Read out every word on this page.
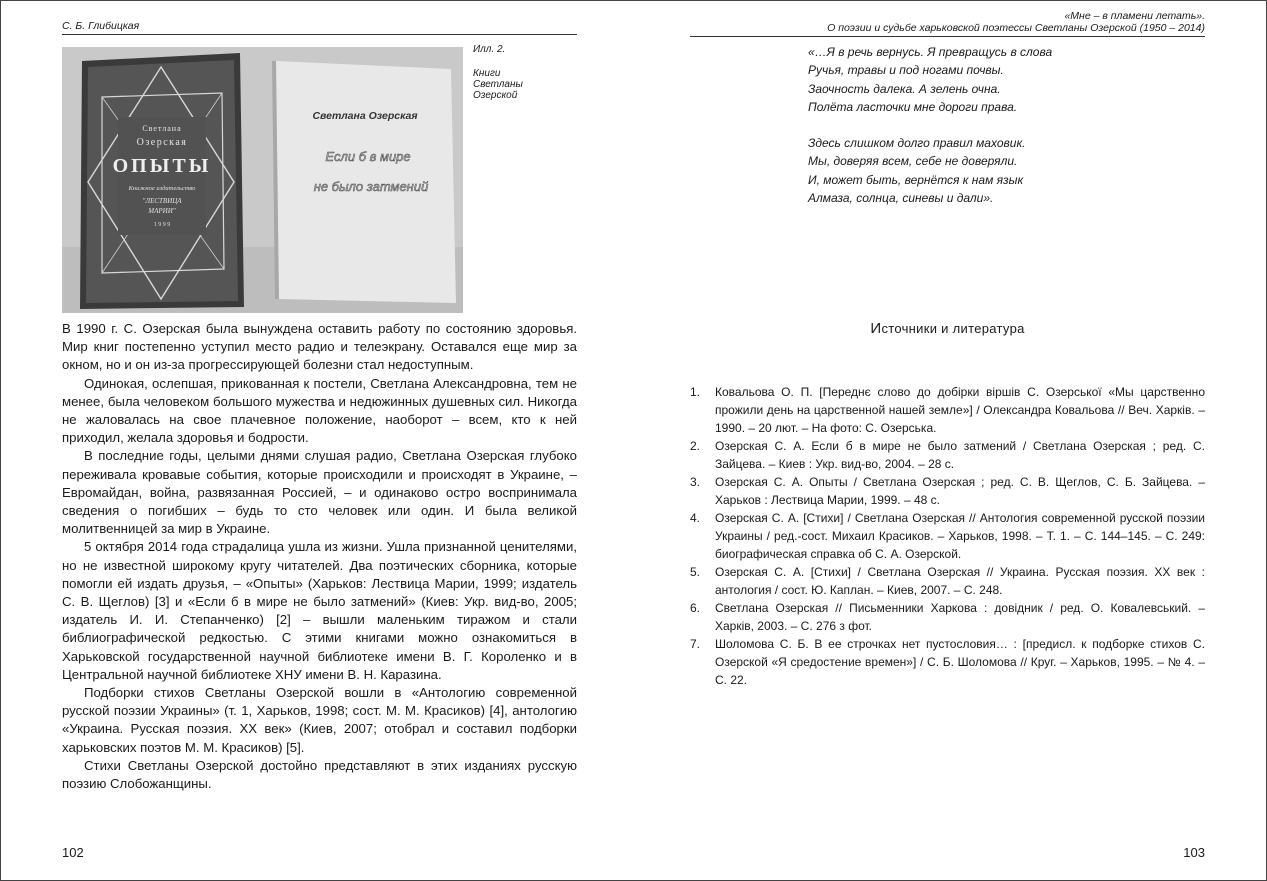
С. Б. Глибицкая
Светлана
Озерская
ОПЫТЫ
Книжное издательство
"ЛЕСТВИЦА
МАРИИ"
1 9 9 9
Светлана Озерская
Если б в мире
не было затмений
Илл. 2.
Книги
Светланы
Озерской

В 1990 г. С. Озерская была вынуждена оставить работу по состоянию здоровья. Мир книг постепенно уступил место радио и телеэкрану. Оставался еще мир за окном, но и он из-за прогрессирующей болезни стал недоступным.

Одинокая, ослепшая, прикованная к постели, Светлана Александровна, тем не менее, была человеком большого мужества и недюжинных душевных сил. Никогда не жаловалась на свое плачевное положение, наоборот – всем, кто к ней приходил, желала здоровья и бодрости.

В последние годы, целыми днями слушая радио, Светлана Озерская глубоко переживала кровавые события, которые происходили и происходят в Украине, – Евромайдан, война, развязанная Россией, – и одинаково остро воспринимала сведения о погибших – будь то сто человек или один. И была великой молитвенницей за мир в Украине.

5 октября 2014 года страдалица ушла из жизни. Ушла признанной ценителями, но не известной широкому кругу читателей. Два поэтических сборника, которые помогли ей издать друзья, – «Опыты» (Харьков: Лествица Марии, 1999; издатель С. В. Щеглов) [3] и «Если б в мире не было затмений» (Киев: Укр. вид-во, 2005; издатель И. И. Степанченко) [2] – вышли маленьким тиражом и стали библиографической редкостью. С этими книгами можно ознакомиться в Харьковской государственной научной библиотеке имени В. Г. Короленко и в Центральной научной библиотеке ХНУ имени В. Н. Каразина.

Подборки стихов Светланы Озерской вошли в «Антологию современной русской поэзии Украины» (т. 1, Харьков, 1998; сост. М. М. Красиков) [4], антологию «Украина. Русская поэзия. ХХ век» (Киев, 2007; отобрал и составил подборки харьковских поэтов М. М. Красиков) [5].

Стихи Светланы Озерской достойно представляют в этих изданиях русскую поэзию Слобожанщины.

102
«Мне – в пламени летать».
О поэзии и судьбе харьковской поэтессы Светланы Озерской (1950 – 2014)
«…Я в речь вернусь. Я превращусь в слова
Ручья, травы и под ногами почвы.
Заочность далека. А зелень очна.
Полёта ласточки мне дороги права.
Здесь слишком долго правил маховик.
Мы, доверяя всем, себе не доверяли.
И, может быть, вернётся к нам язык
Алмаза, солнца, синевы и дали».
Источники и литература
1. Ковальова О. П. [Переднє слово до добірки віршів С. Озерської «Мы царственно прожили день на царственной нашей земле»] / Олександра Ковальова // Веч. Харків. – 1990. – 20 лют. – На фото: С. Озерська.
2. Озерская С. А. Если б в мире не было затмений / Светлана Озерская ; ред. С. Зайцева. – Киев : Укр. вид-во, 2004. – 28 с.
3. Озерская С. А. Опыты / Светлана Озерская ; ред. С. В. Щеглов, С. Б. Зайцева. – Харьков : Лествица Марии, 1999. – 48 с.
4. Озерская С. А. [Стихи] / Светлана Озерская // Антология современной русской поэзии Украины / ред.-сост. Михаил Красиков. – Харьков, 1998. – Т. 1. – С. 144–145. – С. 249: биографическая справка об С. А. Озерской.
5. Озерская С. А. [Стихи] / Светлана Озерская // Украина. Русская поэзия. ХХ век : антология / сост. Ю. Каплан. – Киев, 2007. – С. 248.
6. Светлана Озерская // Письменники Харкова : довідник / ред. О. Ковалевський. – Харків, 2003. – С. 276 з фот.
7. Шоломова С. Б. В ее строчках нет пустословия… : [предисл. к подборке стихов С. Озерской «Я средостение времен»] / С. Б. Шоломова // Круг. – Харьков, 1995. – № 4. – С. 22.
103
